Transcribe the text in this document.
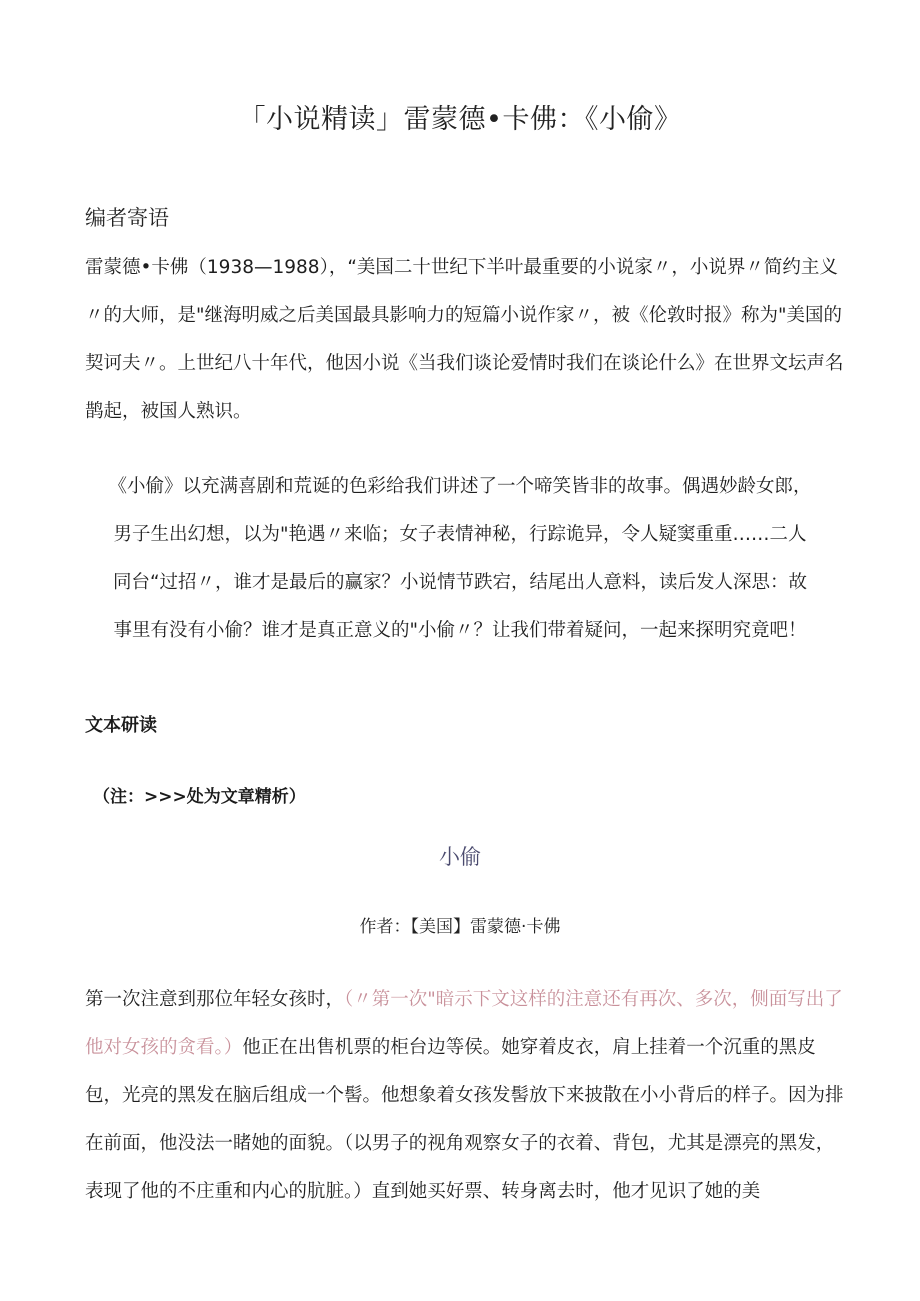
「小说精读」雷蒙德•卡佛：《小偷》
编者寄语
雷蒙德•卡佛（1938—1988），“美国二十世纪下半叶最重要的小说家〃，小说界〃简约主义〃的大师，是"继海明威之后美国最具影响力的短篇小说作家〃，被《伦敦时报》称为"美国的契诃夫〃。上世纪八十年代，他因小说《当我们谈论爱情时我们在谈论什么》在世界文坛声名鹊起，被国人熟识。
《小偷》以充满喜剧和荒诞的色彩给我们讲述了一个啼笑皆非的故事。偶遇妙龄女郎，
男子生出幻想，以为"艳遇〃来临；女子表情神秘，行踪诡异，令人疑窦重重……二人
同台“过招〃，谁才是最后的赢家？小说情节跌宕，结尾出人意料，读后发人深思：故
事里有没有小偷？谁才是真正意义的"小偷〃？让我们带着疑问，一起来探明究竟吧！
文本研读
（注：>>>处为文章精析）
小偷
作者：【美国】雷蒙德·卡佛
第一次注意到那位年轻女孩时，（〃第一次"暗示下文这样的注意还有再次、多次，侧面写出了他对女孩的贪看。）他正在出售机票的柜台边等侯。她穿着皮衣，肩上挂着一个沉重的黑皮包，光亮的黑发在脑后组成一个髻。他想象着女孩发髻放下来披散在小小背后的样子。因为排在前面，他没法一睹她的面貌。（以男子的视角观察女子的衣着、背包，尤其是漂亮的黑发，表现了他的不庄重和内心的肮脏。）直到她买好票、转身离去时，他才见识了她的美
